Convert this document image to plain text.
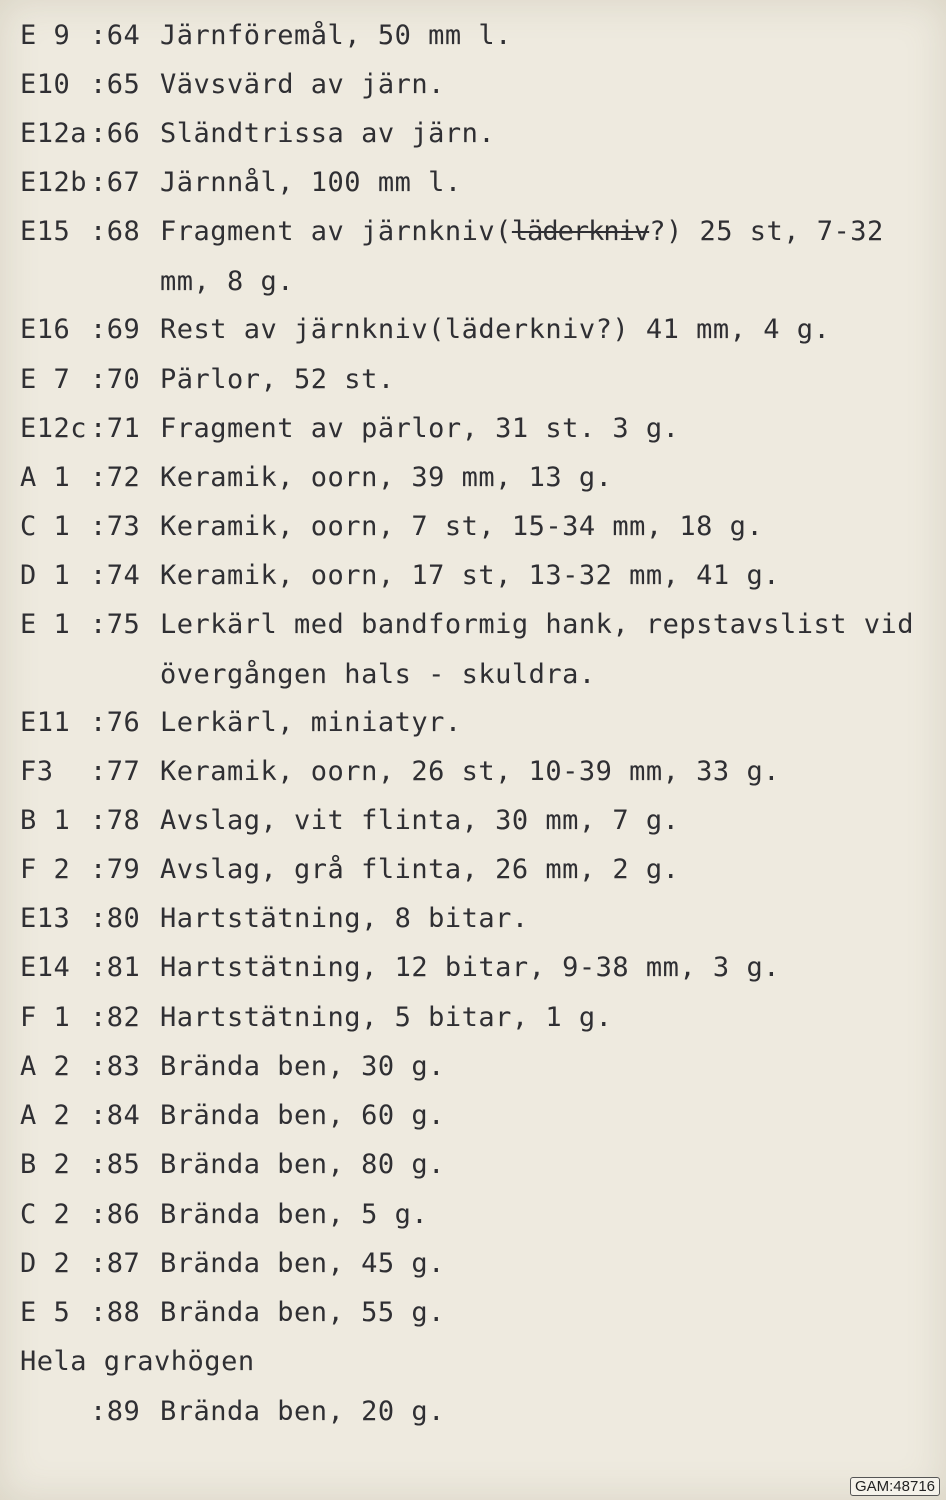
E 9 :64 Järnföremål, 50 mm l.
E10 :65 Vävsvärd av järn.
E12a :66 Sländtrissa av järn.
E12b :67 Järnnål, 100 mm l.
E15 :68 Fragment av järnkniv(läderkniv?) 25 st, 7-32
mm, 8 g.
E16 :69 Rest av järnkniv(läderkniv?) 41 mm, 4 g.
E 7 :70 Pärlor, 52 st.
E12c :71 Fragment av pärlor, 31 st. 3 g.
A 1 :72 Keramik, oorn, 39 mm, 13 g.
C 1 :73 Keramik, oorn, 7 st, 15-34 mm, 18 g.
D 1 :74 Keramik, oorn, 17 st, 13-32 mm, 41 g.
E 1 :75 Lerkärl med bandformig hank, repstavslist vid
övergången hals - skuldra.
E11 :76 Lerkärl, miniatyr.
F3 :77 Keramik, oorn, 26 st, 10-39 mm, 33 g.
B 1 :78 Avslag, vit flinta, 30 mm, 7 g.
F 2 :79 Avslag, grå flinta, 26 mm, 2 g.
E13 :80 Hartstätning, 8 bitar.
E14 :81 Hartstätning, 12 bitar, 9-38 mm, 3 g.
F 1 :82 Hartstätning, 5 bitar, 1 g.
A 2 :83 Brända ben, 30 g.
A 2 :84 Brända ben, 60 g.
B 2 :85 Brända ben, 80 g.
C 2 :86 Brända ben, 5 g.
D 2 :87 Brända ben, 45 g.
E 5 :88 Brända ben, 55 g.
Hela gravhögen
:89 Brända ben, 20 g.
GAM:48716
